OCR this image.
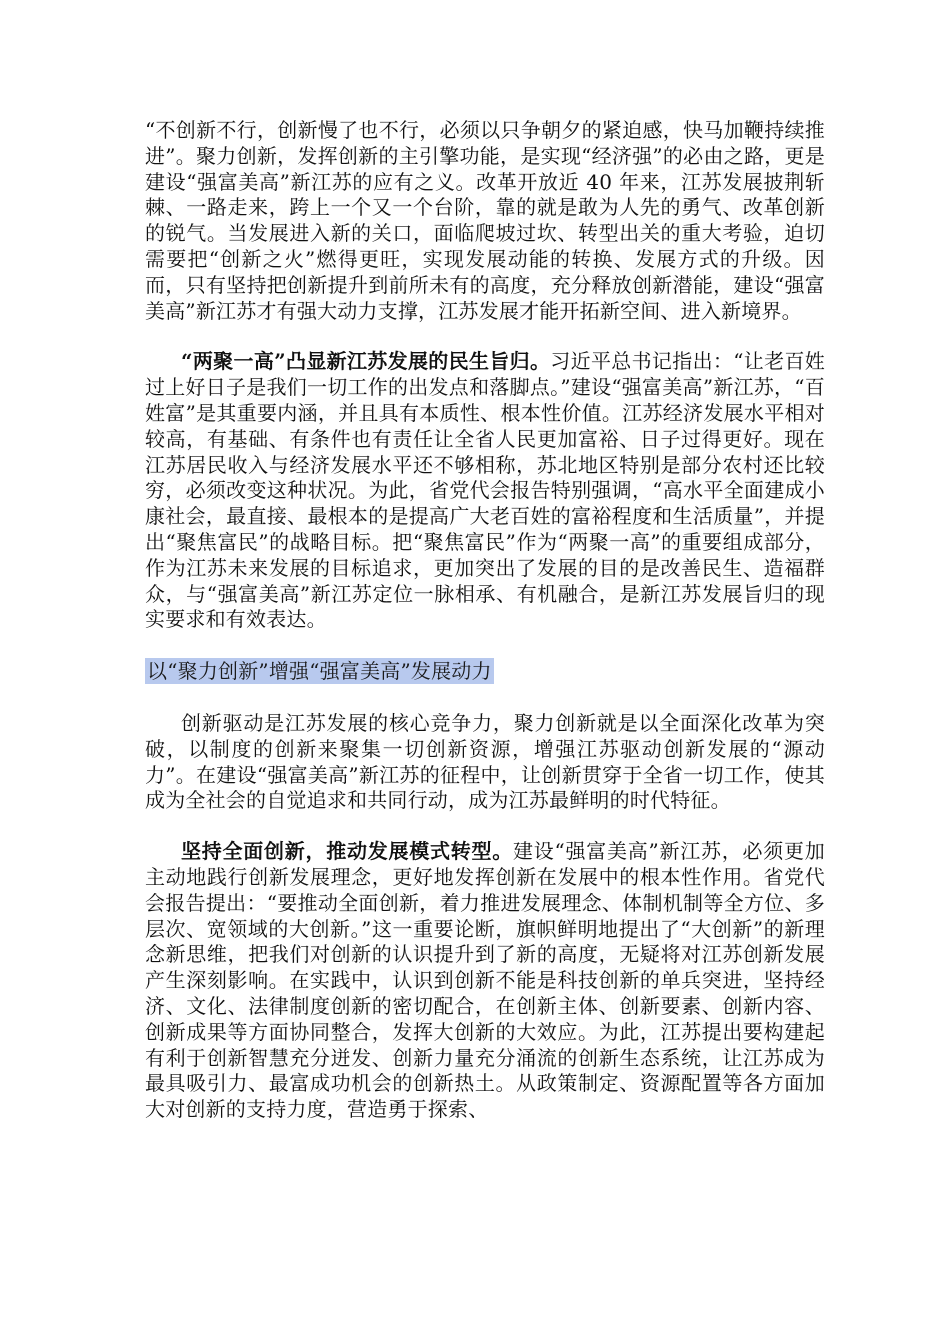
“不创新不行，创新慢了也不行，必须以只争朝夕的紧迫感，快马加鞭持续推进”。聚力创新，发挥创新的主引擎功能，是实现“经济强”的必由之路，更是建设“强富美高”新江苏的应有之义。改革开放近 40 年来，江苏发展披荆斩棘、一路走来，跨上一个又一个台阶，靠的就是敢为人先的勇气、改革创新的锐气。当发展进入新的关口，面临爬坡过坎、转型出关的重大考验，迫切需要把“创新之火”燃得更旺，实现发展动能的转换、发展方式的升级。因而，只有坚持把创新提升到前所未有的高度，充分释放创新潜能，建设“强富美高”新江苏才有强大动力支撑，江苏发展才能开拓新空间、进入新境界。

“两聚一高”凸显新江苏发展的民生旨归。习近平总书记指出：“让老百姓过上好日子是我们一切工作的出发点和落脚点。”建设“强富美高”新江苏，“百姓富”是其重要内涵，并且具有本质性、根本性价值。江苏经济发展水平相对较高，有基础、有条件也有责任让全省人民更加富裕、日子过得更好。现在江苏居民收入与经济发展水平还不够相称，苏北地区特别是部分农村还比较穷，必须改变这种状况。为此，省党代会报告特别强调，“高水平全面建成小康社会，最直接、最根本的是提高广大老百姓的富裕程度和生活质量”，并提出“聚焦富民”的战略目标。把“聚焦富民”作为“两聚一高”的重要组成部分，作为江苏未来发展的目标追求，更加突出了发展的目的是改善民生、造福群众，与“强富美高”新江苏定位一脉相承、有机融合，是新江苏发展旨归的现实要求和有效表达。

以“聚力创新”增强“强富美高”发展动力

创新驱动是江苏发展的核心竞争力，聚力创新就是以全面深化改革为突破，以制度的创新来聚集一切创新资源，增强江苏驱动创新发展的“源动力”。在建设“强富美高”新江苏的征程中，让创新贯穿于全省一切工作，使其成为全社会的自觉追求和共同行动，成为江苏最鲜明的时代特征。

坚持全面创新，推动发展模式转型。建设“强富美高”新江苏，必须更加主动地践行创新发展理念，更好地发挥创新在发展中的根本性作用。省党代会报告提出：“要推动全面创新，着力推进发展理念、体制机制等全方位、多层次、宽领域的大创新。”这一重要论断，旗帜鲜明地提出了“大创新”的新理念新思维，把我们对创新的认识提升到了新的高度，无疑将对江苏创新发展产生深刻影响。在实践中，认识到创新不能是科技创新的单兵突进，坚持经济、文化、法律制度创新的密切配合，在创新主体、创新要素、创新内容、创新成果等方面协同整合，发挥大创新的大效应。为此，江苏提出要构建起有利于创新智慧充分迸发、创新力量充分涌流的创新生态系统，让江苏成为最具吸引力、最富成功机会的创新热土。从政策制定、资源配置等各方面加大对创新的支持力度，营造勇于探索、
